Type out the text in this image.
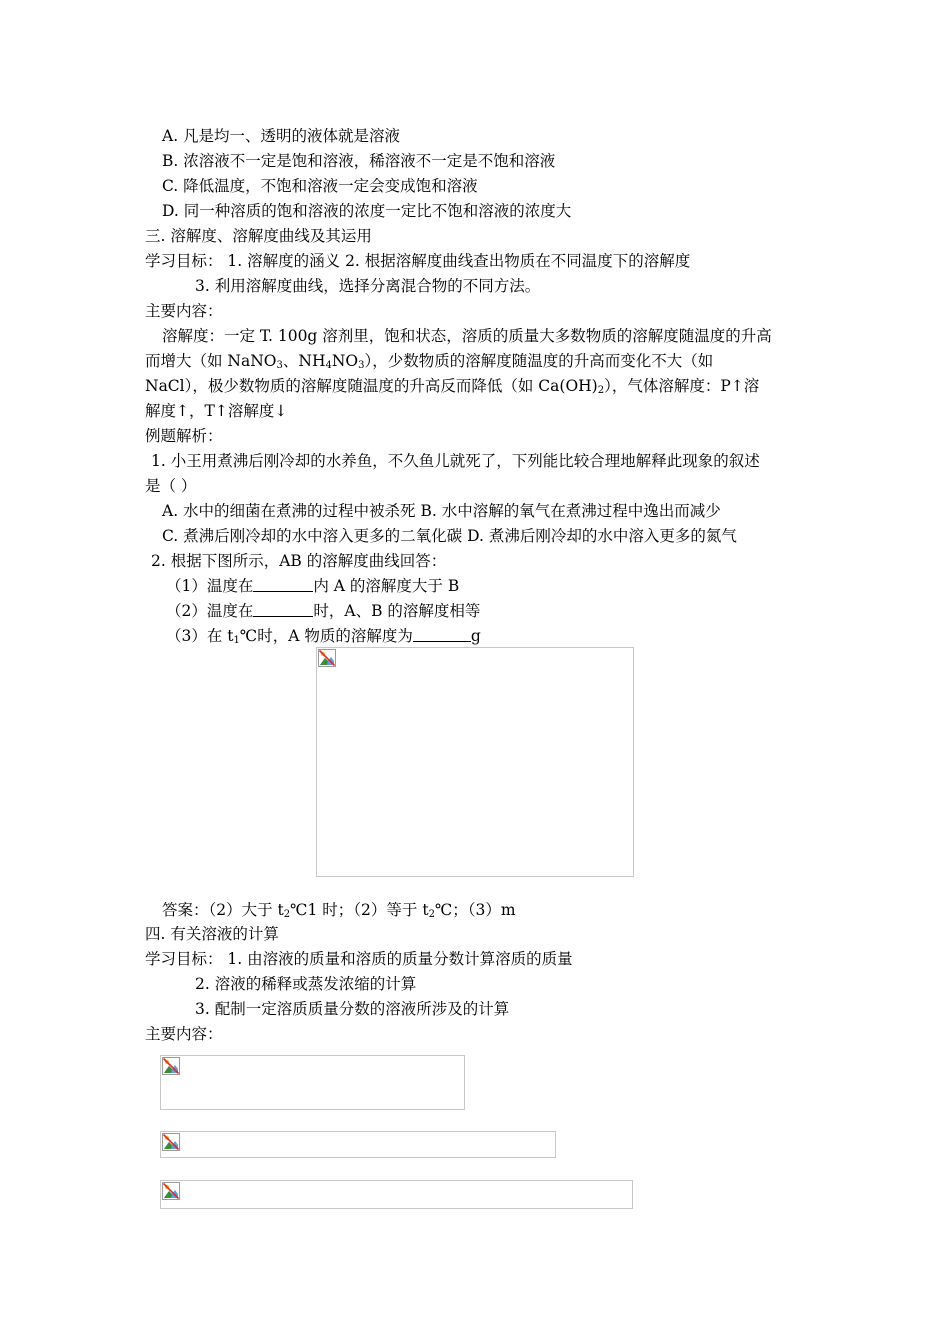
A. 凡是均一、透明的液体就是溶液
B. 浓溶液不一定是饱和溶液，稀溶液不一定是不饱和溶液
C. 降低温度，不饱和溶液一定会变成饱和溶液
D. 同一种溶质的饱和溶液的浓度一定比不饱和溶液的浓度大
三. 溶解度、溶解度曲线及其运用
学习目标： 1. 溶解度的涵义 2. 根据溶解度曲线查出物质在不同温度下的溶解度
3. 利用溶解度曲线，选择分离混合物的不同方法。
主要内容：
溶解度：一定 T. 100g 溶剂里，饱和状态，溶质的质量大多数物质的溶解度随温度的升高
而增大（如 NaNO$_3$、$NH_4NO_3$），少数物质的溶解度随温度的升高而变化不大（如
NaCl），极少数物质的溶解度随温度的升高反而降低（如 $Ca(OH)_2$），气体溶解度：P↑溶
解度↑，T↑溶解度↓
例题解析：
1. 小王用煮沸后刚冷却的水养鱼，不久鱼儿就死了，下列能比较合理地解释此现象的叙述
是（ ）
A. 水中的细菌在煮沸的过程中被杀死 B. 水中溶解的氧气在煮沸过程中逸出而减少
C. 煮沸后刚冷却的水中溶入更多的二氧化碳 D. 煮沸后刚冷却的水中溶入更多的氮气
2. 根据下图所示，AB 的溶解度曲线回答：
（1）温度在	内 A 的溶解度大于 B
（2）温度在	时，A、B 的溶解度相等
（3）在 $t_1℃$时，A 物质的溶解度为	g
答案：（2）大于 $t_2℃1$ 时；（2）等于 $t_2℃$；（3）m
四. 有关溶液的计算
学习目标： 1. 由溶液的质量和溶质的质量分数计算溶质的质量
2. 溶液的稀释或蒸发浓缩的计算
3. 配制一定溶质质量分数的溶液所涉及的计算
主要内容：
